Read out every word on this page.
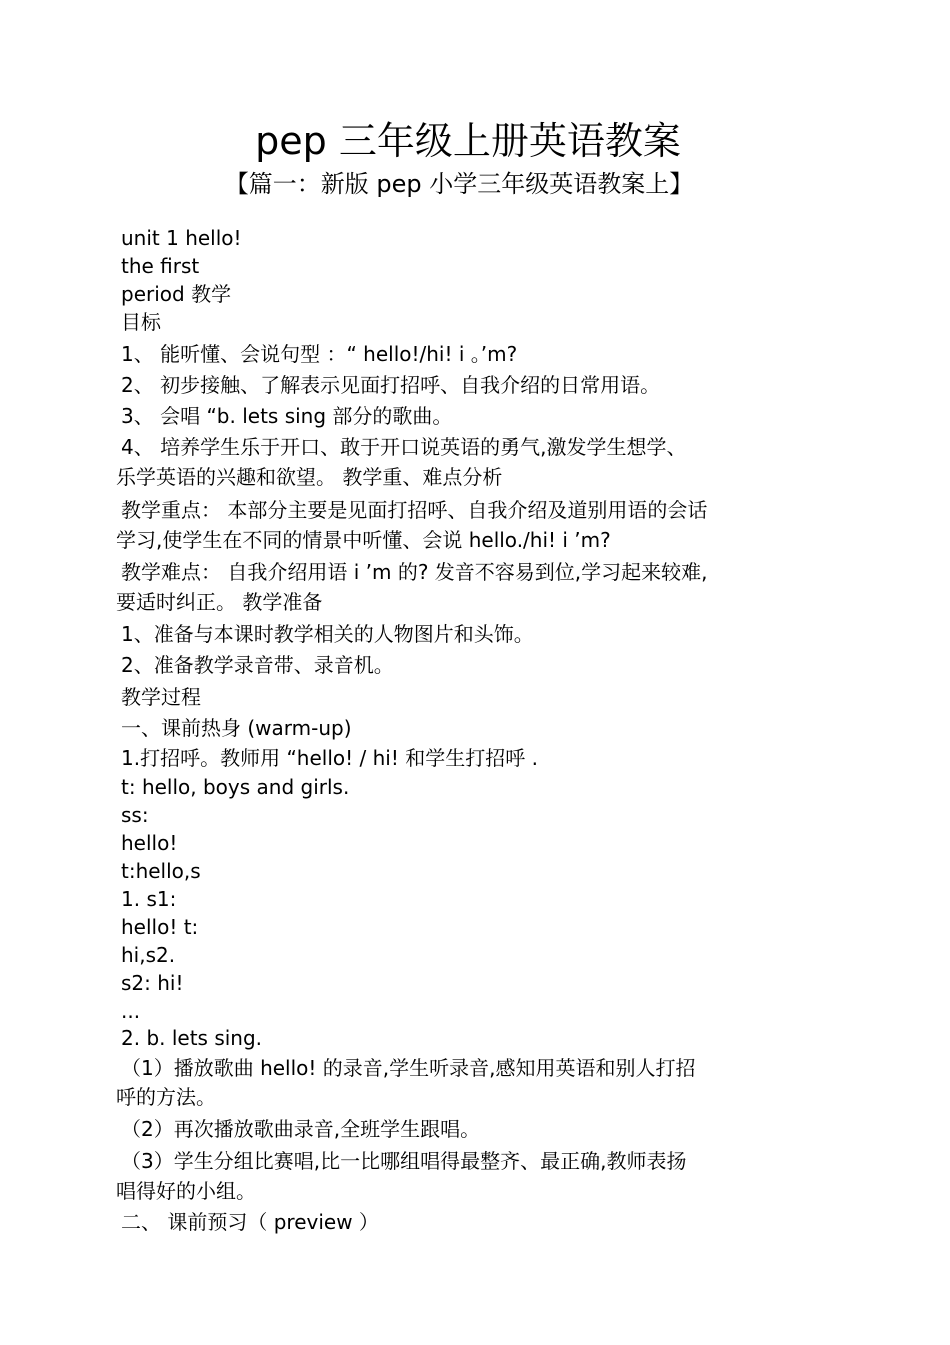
pep 三年级上册英语教案
【篇一：新版 pep 小学三年级英语教案上】
unit 1 hello!
the first
period 教学
目标
1、 能听懂、会说句型 ：“ hello!/hi! i 。’m?
2、 初步接触、了解表示见面打招呼、自我介绍的日常用语。
3、 会唱 “b. lets sing 部分的歌曲。
4、 培养学生乐于开口、敢于开口说英语的勇气,激发学生想学、
乐学英语的兴趣和欲望。 教学重、难点分析
教学重点： 本部分主要是见面打招呼、自我介绍及道别用语的会话
学习,使学生在不同的情景中听懂、会说 hello./hi! i ’m?
教学难点： 自我介绍用语 i ’m 的? 发音不容易到位,学习起来较难,
要适时纠正。 教学准备
1、准备与本课时教学相关的人物图片和头饰。
2、准备教学录音带、录音机。
教学过程
一、课前热身 (warm-up)
1.打招呼。教师用 “hello! / hi! 和学生打招呼 .
t: hello, boys and girls.
ss:
hello!
t:hello,s
1. s1:
hello! t:
hi,s2.
s2: hi!
...
2. b. lets sing.
（1）播放歌曲 hello! 的录音,学生听录音,感知用英语和别人打招
呼的方法。
（2）再次播放歌曲录音,全班学生跟唱。
（3）学生分组比赛唱,比一比哪组唱得最整齐、最正确,教师表扬
唱得好的小组。
二、 课前预习（ preview ）
